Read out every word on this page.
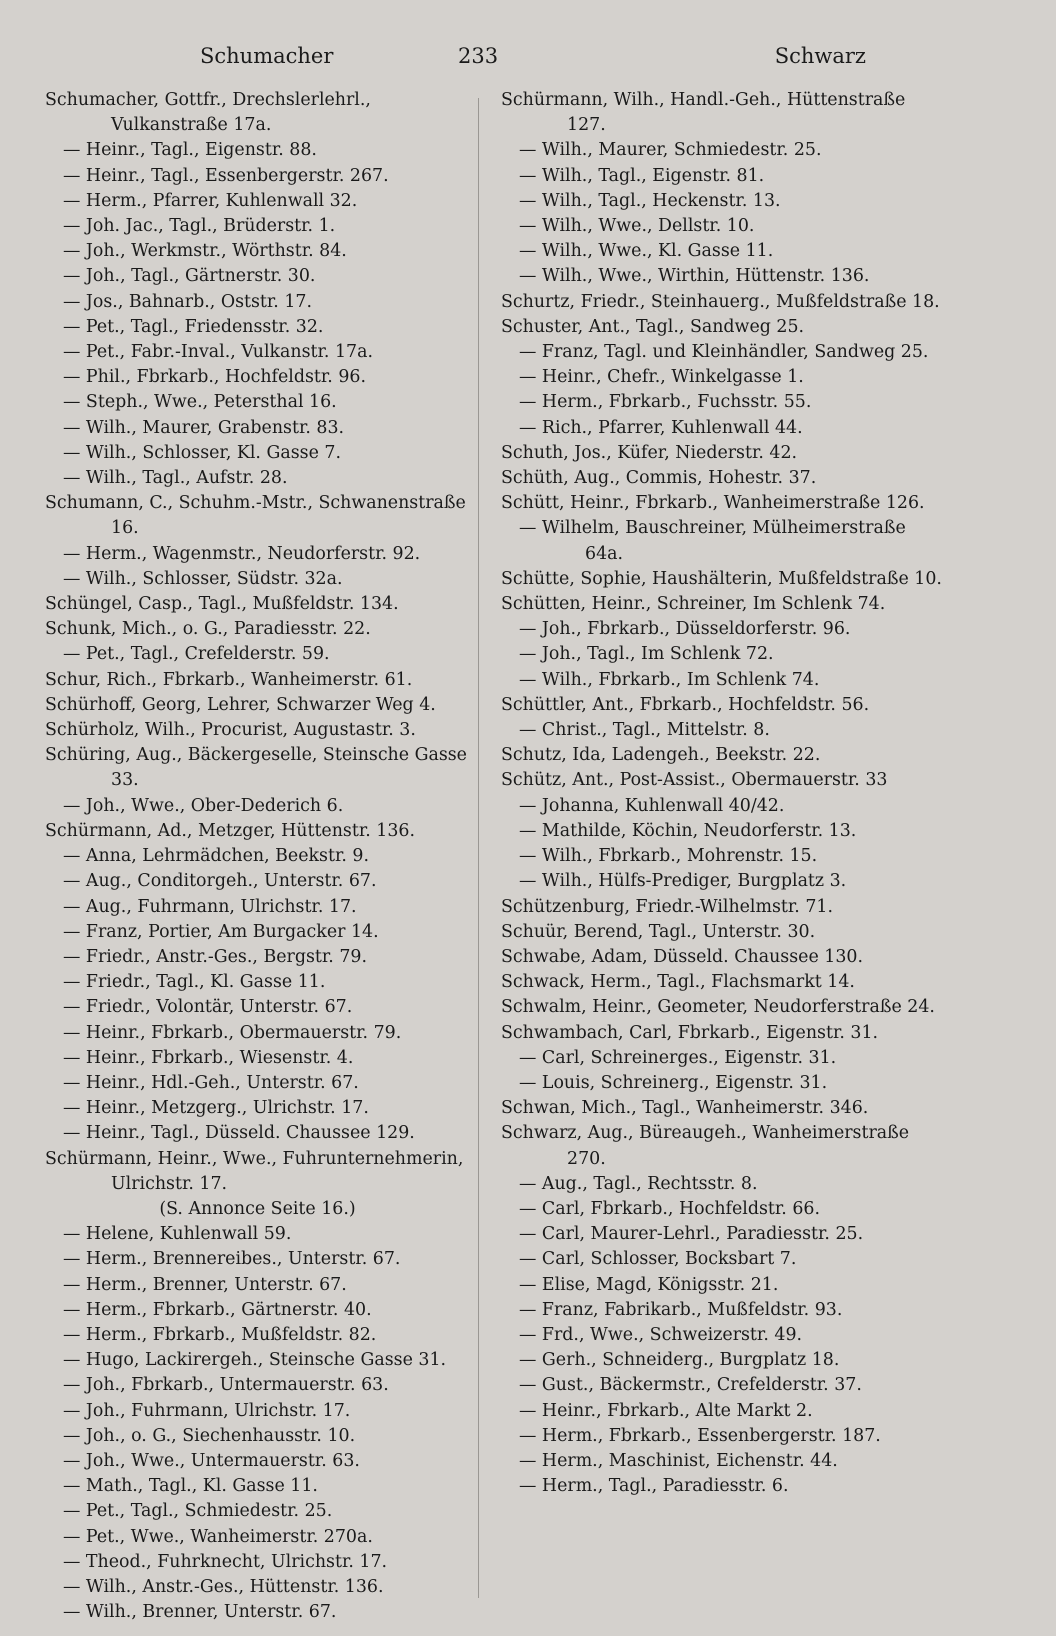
Schumacher	233	Schwarz
Schumacher, Gottfr., Drechslerlehrl., Vulkanstraße 17a.
— Heinr., Tagl., Eigenstr. 88.
— Heinr., Tagl., Essenbergerstr. 267.
— Herm., Pfarrer, Kuhlenwall 32.
— Joh. Jac., Tagl., Brüderstr. 1.
— Joh., Werkmstr., Wörthstr. 84.
— Joh., Tagl., Gärtnerstr. 30.
— Jos., Bahnarb., Oststr. 17.
— Pet., Tagl., Friedensstr. 32.
— Pet., Fabr.-Inval., Vulkanstr. 17a.
— Phil., Fbrkarb., Hochfeldstr. 96.
— Steph., Wwe., Petersthal 16.
— Wilh., Maurer, Grabenstr. 83.
— Wilh., Schlosser, Kl. Gasse 7.
— Wilh., Tagl., Aufstr. 28.
Schumann, C., Schuhm.-Mstr., Schwanenstraße 16.
— Herm., Wagenmstr., Neudorferstr. 92.
— Wilh., Schlosser, Südstr. 32a.
Schüngel, Casp., Tagl., Mußfeldstr. 134.
Schunk, Mich., o. G., Paradiesstr. 22.
— Pet., Tagl., Crefelderstr. 59.
Schur, Rich., Fbrkarb., Wanheimerstr. 61.
Schürhoff, Georg, Lehrer, Schwarzer Weg 4.
Schürholz, Wilh., Procurist, Augustastr. 3.
Schüring, Aug., Bäckergeselle, Steinsche Gasse 33.
— Joh., Wwe., Ober-Dederich 6.
Schürmann, Ad., Metzger, Hüttenstr. 136.
— Anna, Lehrmädchen, Beekstr. 9.
— Aug., Conditorgeh., Unterstr. 67.
— Aug., Fuhrmann, Ulrichstr. 17.
— Franz, Portier, Am Burgacker 14.
— Friedr., Anstr.-Ges., Bergstr. 79.
— Friedr., Tagl., Kl. Gasse 11.
— Friedr., Volontär, Unterstr. 67.
— Heinr., Fbrkarb., Obermauerstr. 79.
— Heinr., Fbrkarb., Wiesenstr. 4.
— Heinr., Hdl.-Geh., Unterstr. 67.
— Heinr., Metzgerg., Ulrichstr. 17.
— Heinr., Tagl., Düsseld. Chaussee 129.
Schürmann, Heinr., Wwe., Fuhrunternehmerin, Ulrichstr. 17.
(S. Annonce Seite 16.)
— Helene, Kuhlenwall 59.
— Herm., Brennereibes., Unterstr. 67.
— Herm., Brenner, Unterstr. 67.
— Herm., Fbrkarb., Gärtnerstr. 40.
— Herm., Fbrkarb., Mußfeldstr. 82.
— Hugo, Lackirergeh., Steinsche Gasse 31.
— Joh., Fbrkarb., Untermauerstr. 63.
— Joh., Fuhrmann, Ulrichstr. 17.
— Joh., o. G., Siechenhausstr. 10.
— Joh., Wwe., Untermauerstr. 63.
— Math., Tagl., Kl. Gasse 11.
— Pet., Tagl., Schmiedestr. 25.
— Pet., Wwe., Wanheimerstr. 270a.
— Theod., Fuhrknecht, Ulrichstr. 17.
— Wilh., Anstr.-Ges., Hüttenstr. 136.
— Wilh., Brenner, Unterstr. 67.
Schürmann, Wilh., Handl.-Geh., Hüttenstraße 127.
— Wilh., Maurer, Schmiedestr. 25.
— Wilh., Tagl., Eigenstr. 81.
— Wilh., Tagl., Heckenstr. 13.
— Wilh., Wwe., Dellstr. 10.
— Wilh., Wwe., Kl. Gasse 11.
— Wilh., Wwe., Wirthin, Hüttenstr. 136.
Schurtz, Friedr., Steinhauerg., Mußfeldstraße 18.
Schuster, Ant., Tagl., Sandweg 25.
— Franz, Tagl. und Kleinhändler, Sandweg 25.
— Heinr., Chefr., Winkelgasse 1.
— Herm., Fbrkarb., Fuchsstr. 55.
— Rich., Pfarrer, Kuhlenwall 44.
Schuth, Jos., Küfer, Niederstr. 42.
Schüth, Aug., Commis, Hohestr. 37.
Schütt, Heinr., Fbrkarb., Wanheimerstraße 126.
— Wilhelm, Bauschreiner, Mülheimerstraße 64a.
Schütte, Sophie, Haushälterin, Mußfeldstraße 10.
Schütten, Heinr., Schreiner, Im Schlenk 74.
— Joh., Fbrkarb., Düsseldorferstr. 96.
— Joh., Tagl., Im Schlenk 72.
— Wilh., Fbrkarb., Im Schlenk 74.
Schüttler, Ant., Fbrkarb., Hochfeldstr. 56.
— Christ., Tagl., Mittelstr. 8.
Schutz, Ida, Ladengeh., Beekstr. 22.
Schütz, Ant., Post-Assist., Obermauerstr. 33
— Johanna, Kuhlenwall 40/42.
— Mathilde, Köchin, Neudorferstr. 13.
— Wilh., Fbrkarb., Mohrenstr. 15.
— Wilh., Hülfs-Prediger, Burgplatz 3.
Schützenburg, Friedr.-Wilhelmstr. 71.
Schuür, Berend, Tagl., Unterstr. 30.
Schwabe, Adam, Düsseld. Chaussee 130.
Schwack, Herm., Tagl., Flachsmarkt 14.
Schwalm, Heinr., Geometer, Neudorferstraße 24.
Schwambach, Carl, Fbrkarb., Eigenstr. 31.
— Carl, Schreinerges., Eigenstr. 31.
— Louis, Schreinerg., Eigenstr. 31.
Schwan, Mich., Tagl., Wanheimerstr. 346.
Schwarz, Aug., Büreaugeh., Wanheimerstraße 270.
— Aug., Tagl., Rechtsstr. 8.
— Carl, Fbrkarb., Hochfeldstr. 66.
— Carl, Maurer-Lehrl., Paradiesstr. 25.
— Carl, Schlosser, Bocksbart 7.
— Elise, Magd, Königsstr. 21.
— Franz, Fabrikarb., Mußfeldstr. 93.
— Frd., Wwe., Schweizerstr. 49.
— Gerh., Schneiderg., Burgplatz 18.
— Gust., Bäckermstr., Crefelderstr. 37.
— Heinr., Fbrkarb., Alte Markt 2.
— Herm., Fbrkarb., Essenbergerstr. 187.
— Herm., Maschinist, Eichenstr. 44.
— Herm., Tagl., Paradiesstr. 6.
